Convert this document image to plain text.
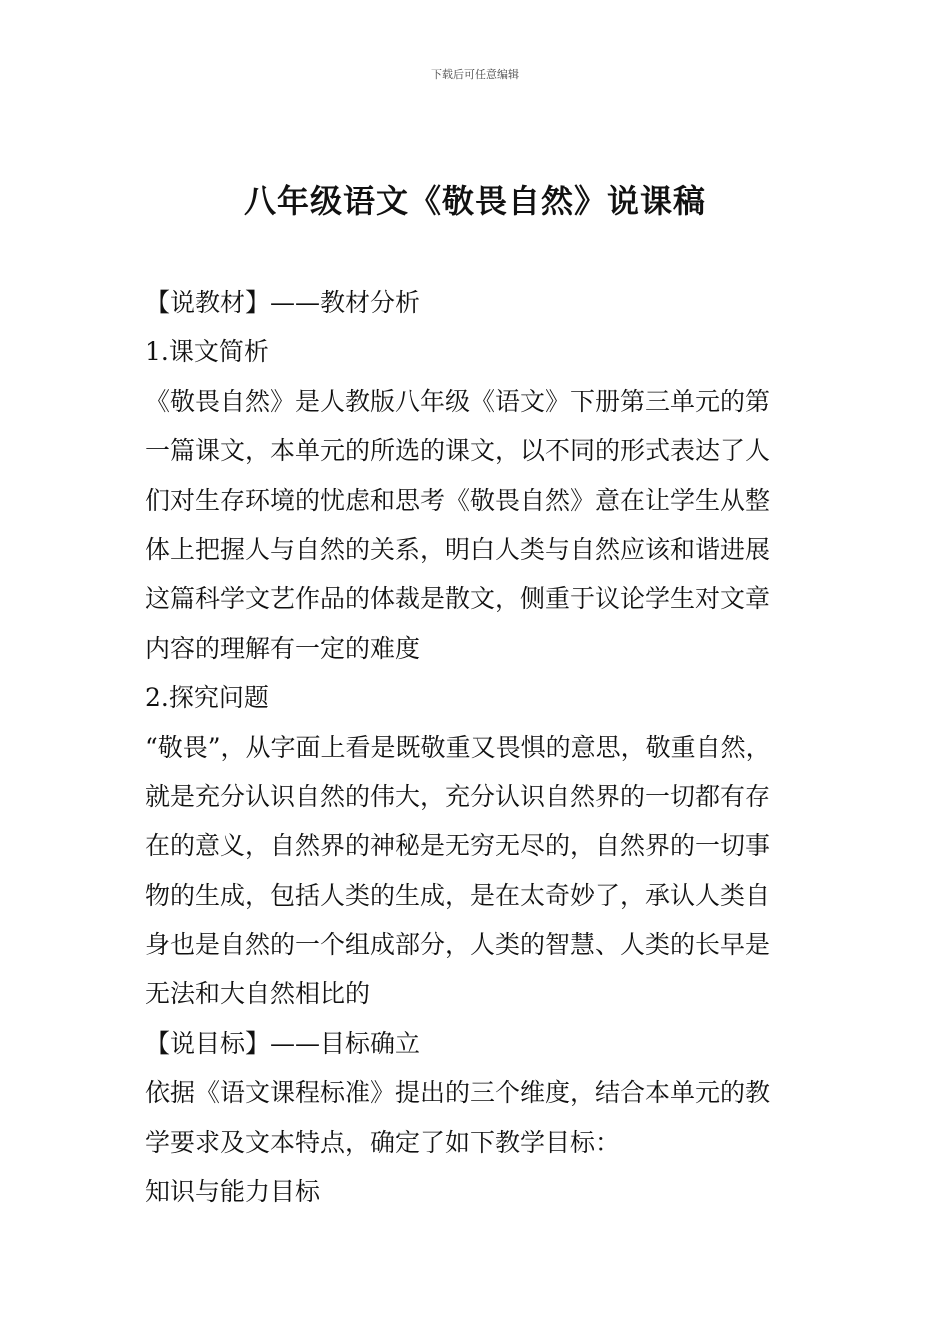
下载后可任意编辑
八年级语文《敬畏自然》说课稿
【说教材】——教材分析
1.课文简析
《敬畏自然》是人教版八年级《语文》下册第三单元的第
一篇课文，本单元的所选的课文，以不同的形式表达了人
们对生存环境的忧虑和思考《敬畏自然》意在让学生从整
体上把握人与自然的关系，明白人类与自然应该和谐进展
这篇科学文艺作品的体裁是散文，侧重于议论学生对文章
内容的理解有一定的难度
2.探究问题
“敬畏”，从字面上看是既敬重又畏惧的意思，敬重自然，
就是充分认识自然的伟大，充分认识自然界的一切都有存
在的意义，自然界的神秘是无穷无尽的，自然界的一切事
物的生成，包括人类的生成，是在太奇妙了，承认人类自
身也是自然的一个组成部分，人类的智慧、人类的长早是
无法和大自然相比的
【说目标】——目标确立
依据《语文课程标准》提出的三个维度，结合本单元的教
学要求及文本特点，确定了如下教学目标：
知识与能力目标
